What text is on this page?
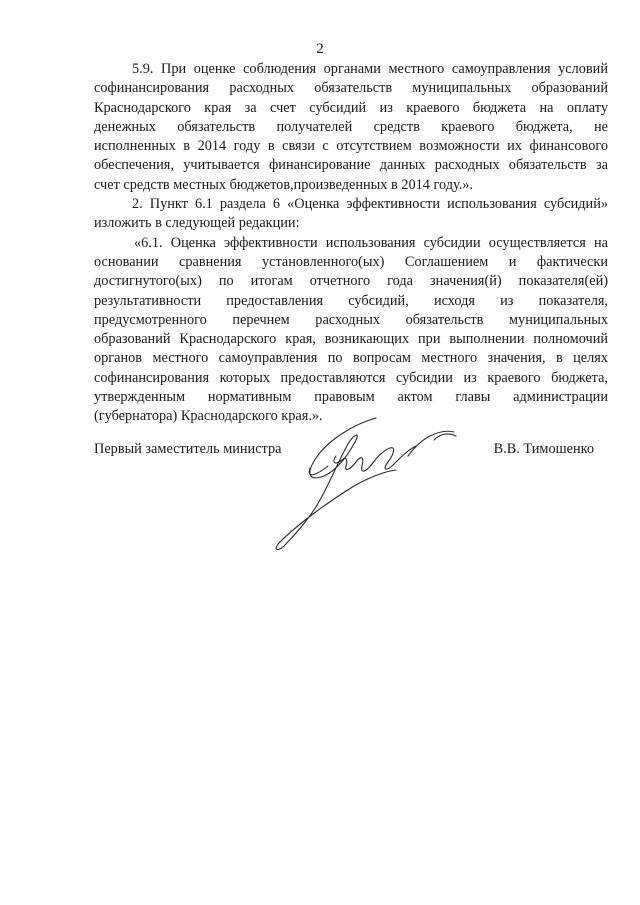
2
5.9. При оценке соблюдения органами местного самоуправления условий
софинансирования расходных обязательств муниципальных образований
Краснодарского края за счет субсидий из краевого бюджета на оплату
денежных обязательств получателей средств краевого бюджета, не
исполненных в 2014 году в связи с отсутствием возможности их финансового
обеспечения, учитывается финансирование данных расходных обязательств за
счет средств местных бюджетов,произведенных в 2014 году.».
2. Пункт 6.1 раздела 6 «Оценка эффективности использования субсидий»
изложить в следующей редакции:
«6.1. Оценка эффективности использования субсидии осуществляется на
основании сравнения установленного(ых) Соглашением и фактически
достигнутого(ых) по итогам отчетного года значения(й) показателя(ей)
результативности предоставления субсидий, исходя из показателя,
предусмотренного перечнем расходных обязательств муниципальных
образований Краснодарского края, возникающих при выполнении полномочий
органов местного самоуправления по вопросам местного значения, в целях
софинансирования которых предоставляются субсидии из краевого бюджета,
утвержденным нормативным правовым актом главы администрации
(губернатора) Краснодарского края.».
Первый заместитель министра	В.В. Тимошенко
